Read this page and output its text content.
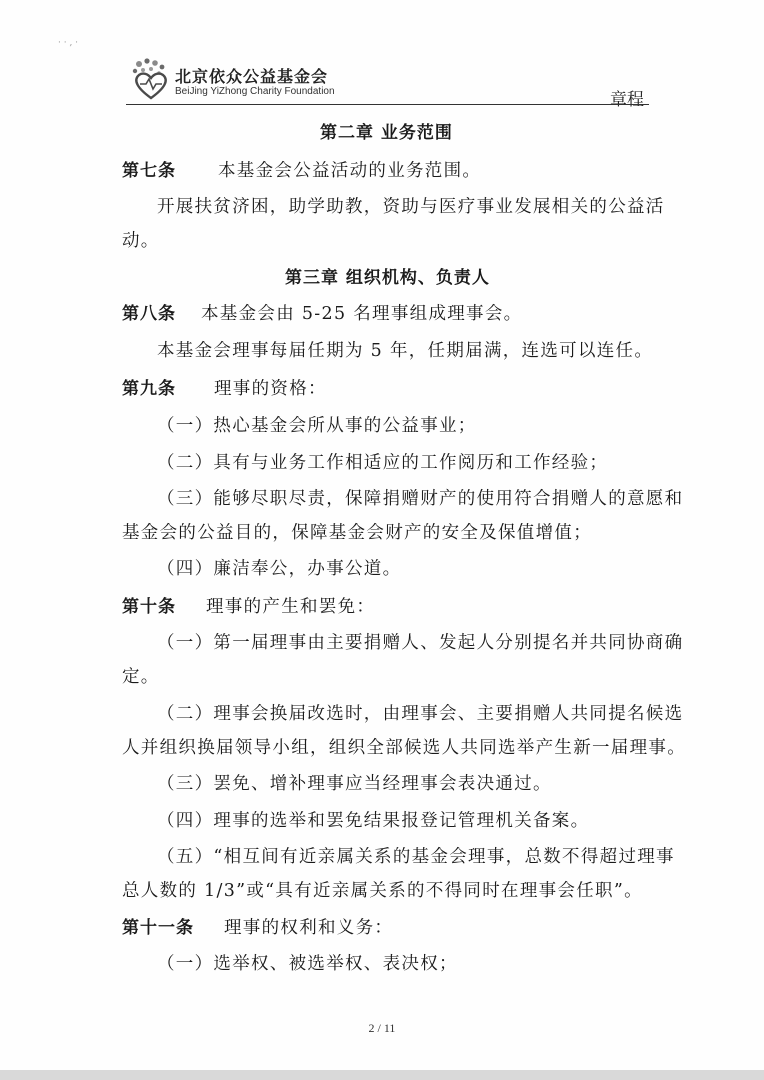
· · , ·
北京依众公益基金会
BeiJing YiZhong Charity Foundation	章程
第二章 业务范围
第七条 本基金会公益活动的业务范围。
开展扶贫济困，助学助教，资助与医疗事业发展相关的公益活
动。
第三章 组织机构、负责人
第八条 本基金会由 5-25 名理事组成理事会。
本基金会理事每届任期为 5 年，任期届满，连选可以连任。
第九条 理事的资格：
（一）热心基金会所从事的公益事业；
（二）具有与业务工作相适应的工作阅历和工作经验；
（三）能够尽职尽责，保障捐赠财产的使用符合捐赠人的意愿和
基金会的公益目的，保障基金会财产的安全及保值增值；
（四）廉洁奉公，办事公道。
第十条 理事的产生和罢免：
（一）第一届理事由主要捐赠人、发起人分别提名并共同协商确
定。
（二）理事会换届改选时，由理事会、主要捐赠人共同提名候选
人并组织换届领导小组，组织全部候选人共同选举产生新一届理事。
（三）罢免、增补理事应当经理事会表决通过。
（四）理事的选举和罢免结果报登记管理机关备案。
（五）“相互间有近亲属关系的基金会理事，总数不得超过理事
总人数的 1/3”或“具有近亲属关系的不得同时在理事会任职”。
第十一条 理事的权利和义务：
（一）选举权、被选举权、表决权；
2 / 11
